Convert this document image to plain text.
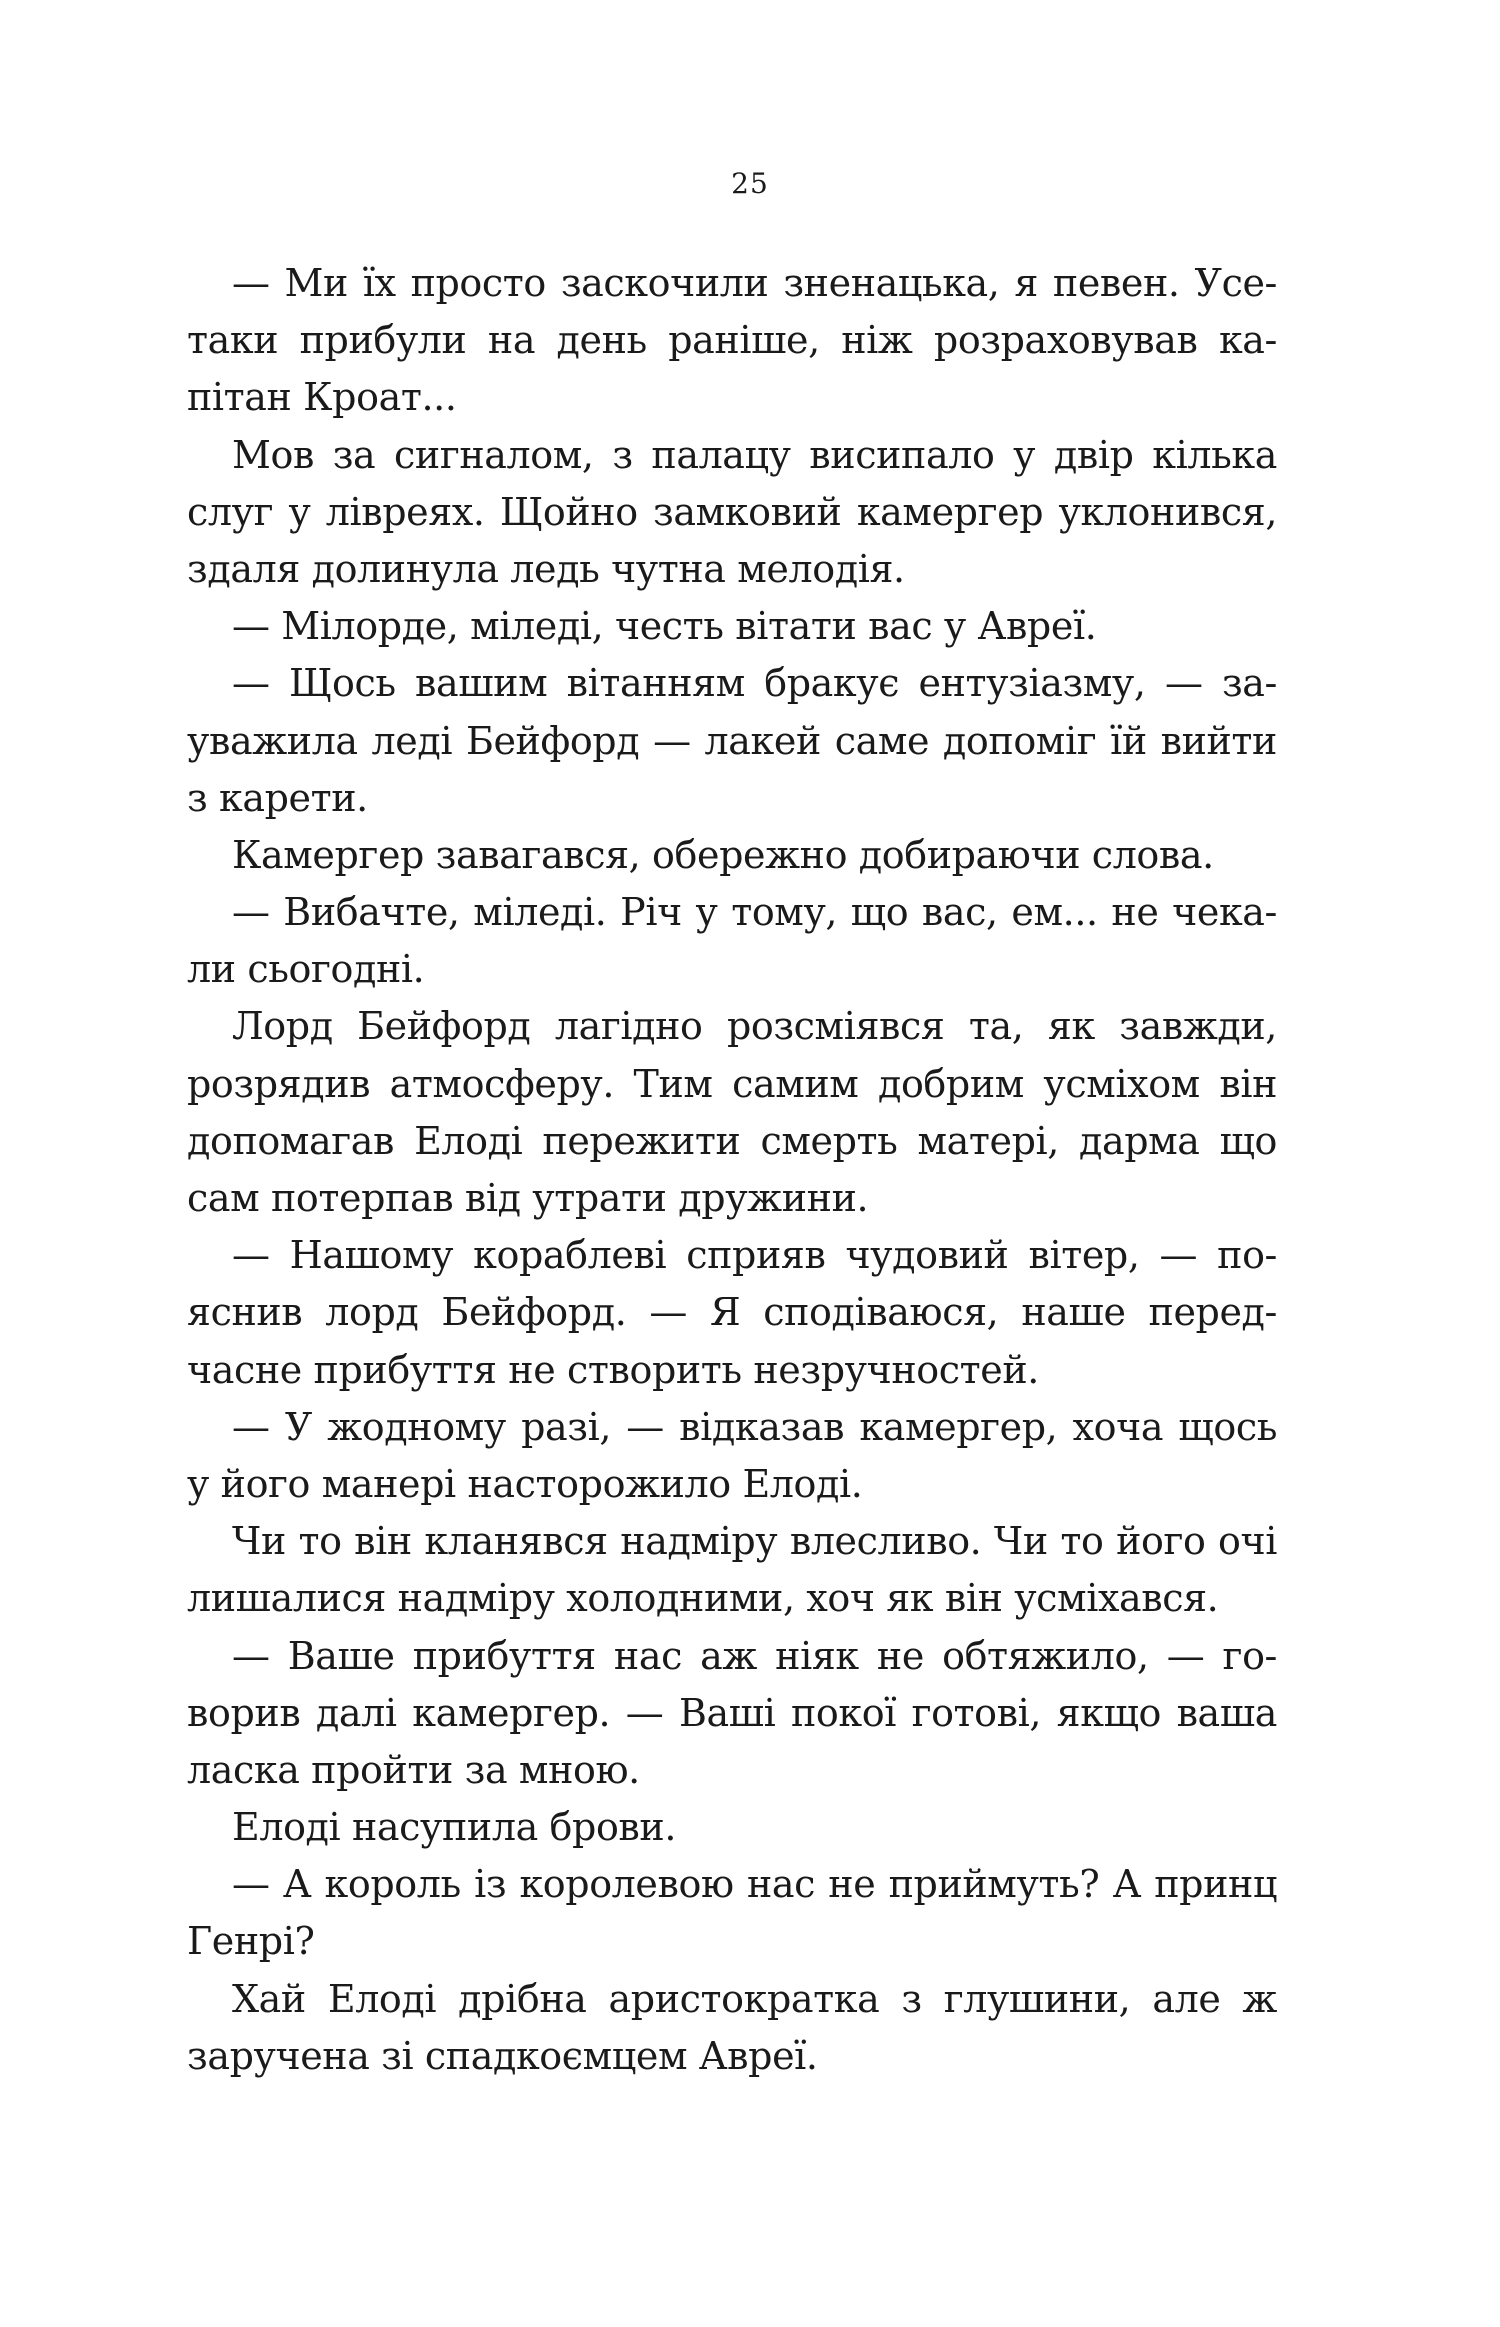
25
— Ми їх просто заскочили зненацька, я певен. Усе-
таки прибули на день раніше, ніж розраховував ка-
пітан Кроат...
Мов за сигналом, з палацу висипало у двір кілька
слуг у лівреях. Щойно замковий камергер уклонився,
здаля долинула ледь чутна мелодія.
— Мілорде, міледі, честь вітати вас у Авреї.
— Щось вашим вітанням бракує ентузіазму, — за-
уважила леді Бейфорд — лакей саме допоміг їй вийти
з карети.
Камергер завагався, обережно добираючи слова.
— Вибачте, міледі. Річ у тому, що вас, ем... не чека-
ли сьогодні.
Лорд Бейфорд лагідно розсміявся та, як завжди,
розрядив атмосферу. Тим самим добрим усміхом він
допомагав Елоді пережити смерть матері, дарма що
сам потерпав від утрати дружини.
— Нашому кораблеві сприяв чудовий вітер, — по-
яснив лорд Бейфорд. — Я сподіваюся, наше перед-
часне прибуття не створить незручностей.
— У жодному разі, — відказав камергер, хоча щось
у його манері насторожило Елоді.
Чи то він кланявся надміру влесливо. Чи то його очі
лишалися надміру холодними, хоч як він усміхався.
— Ваше прибуття нас аж ніяк не обтяжило, — го-
ворив далі камергер. — Ваші покої готові, якщо ваша
ласка пройти за мною.
Елоді насупила брови.
— А король із королевою нас не приймуть? А принц
Генрі?
Хай Елоді дрібна аристократка з глушини, але ж
заручена зі спадкоємцем Авреї.
